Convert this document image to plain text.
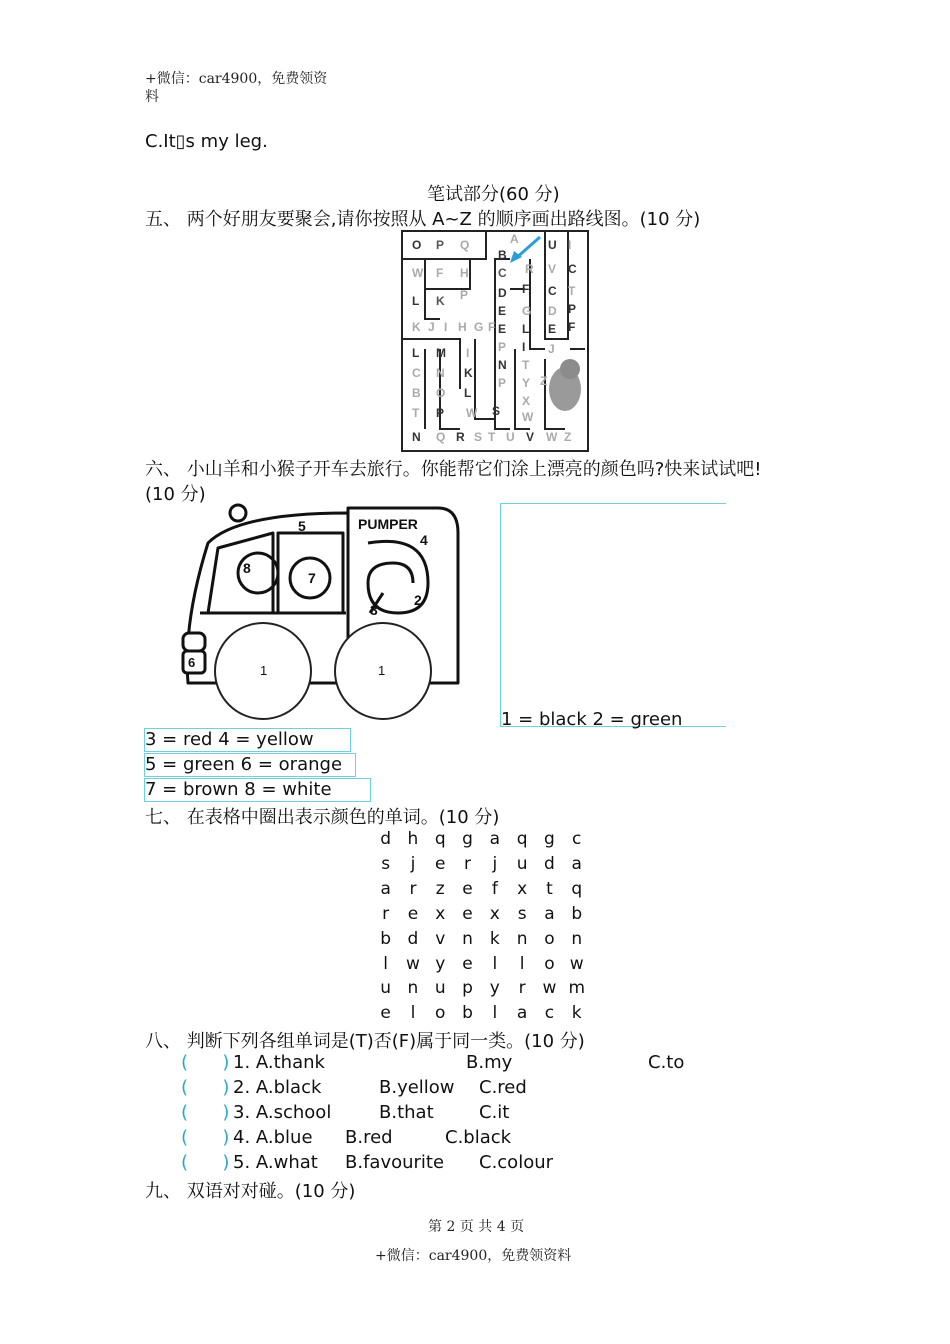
+微信：car4900，免费领资
料
C.It▯s my leg.
笔试部分(60 分)
五、 两个好朋友要聚会,请你按照从 A~Z 的顺序画出路线图。(10 分)
O P Q	A U I
B
W F H C R V C
L K P D F C T
E G D P
K J I H G F E L E F
P I J
L M I
N T
C N K
P Y Z
B O L
X
T P W S W
N Q R S T U V W Z
六、 小山羊和小猴子开车去旅行。你能帮它们涂上漂亮的颜色吗?快来试试吧!
(10 分)
5	PUMPER
4
8
7
3
2
1	1
6
1 = black 2 = green
3 = red 4 = yellow
5 = green 6 = orange
7 = brown 8 = white
七、 在表格中圈出表示颜色的单词。(10 分)
d h q g a q g c
s j e r j u d a
a r z e f x t q
r e x e x s a b
b d v n k n o n
l w y e l l o w
u n u p y r w m
e l o b l a c k
八、 判断下列各组单词是(T)否(F)属于同一类。(10 分)
(      ) 1. A.thank	B.my	C.to
(      ) 2. A.black	B.yellow C.red
(      ) 3. A.school	B.that	C.it
(      ) 4. A.blue B.red	C.black
(      ) 5. A.what B.favourite C.colour
九、 双语对对碰。(10 分)
第 2 页 共 4 页
+微信：car4900，免费领资料
